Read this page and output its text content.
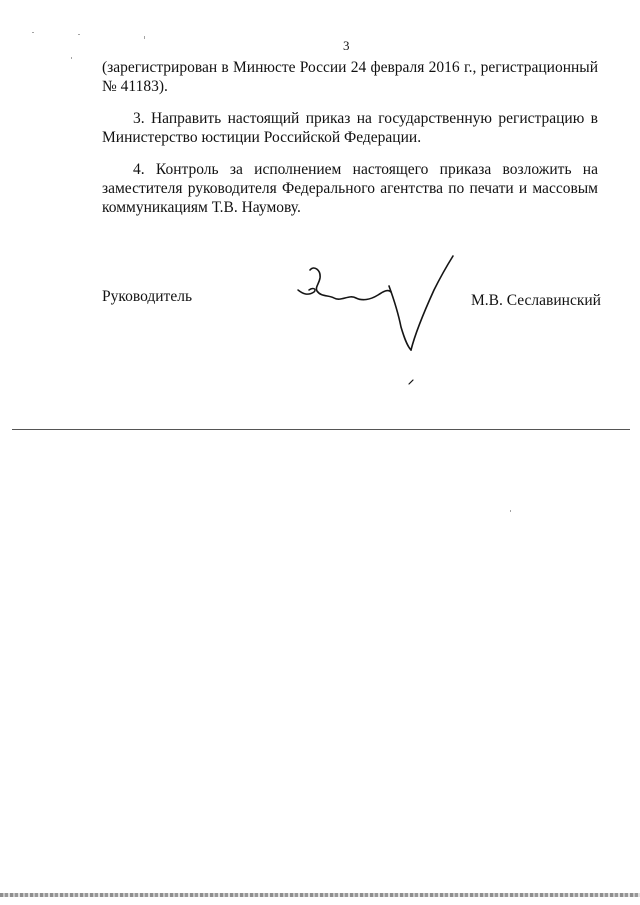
3
(зарегистрирован в Минюсте России 24 февраля 2016 г., регистрационный
№ 41183).
3. Направить настоящий приказ на государственную регистрацию в
Министерство юстиции Российской Федерации.
4. Контроль за исполнением настоящего приказа возложить на
заместителя руководителя Федерального агентства по печати и массовым
коммуникациям Т.В. Наумову.
Руководитель	М.В. Сеславинский
